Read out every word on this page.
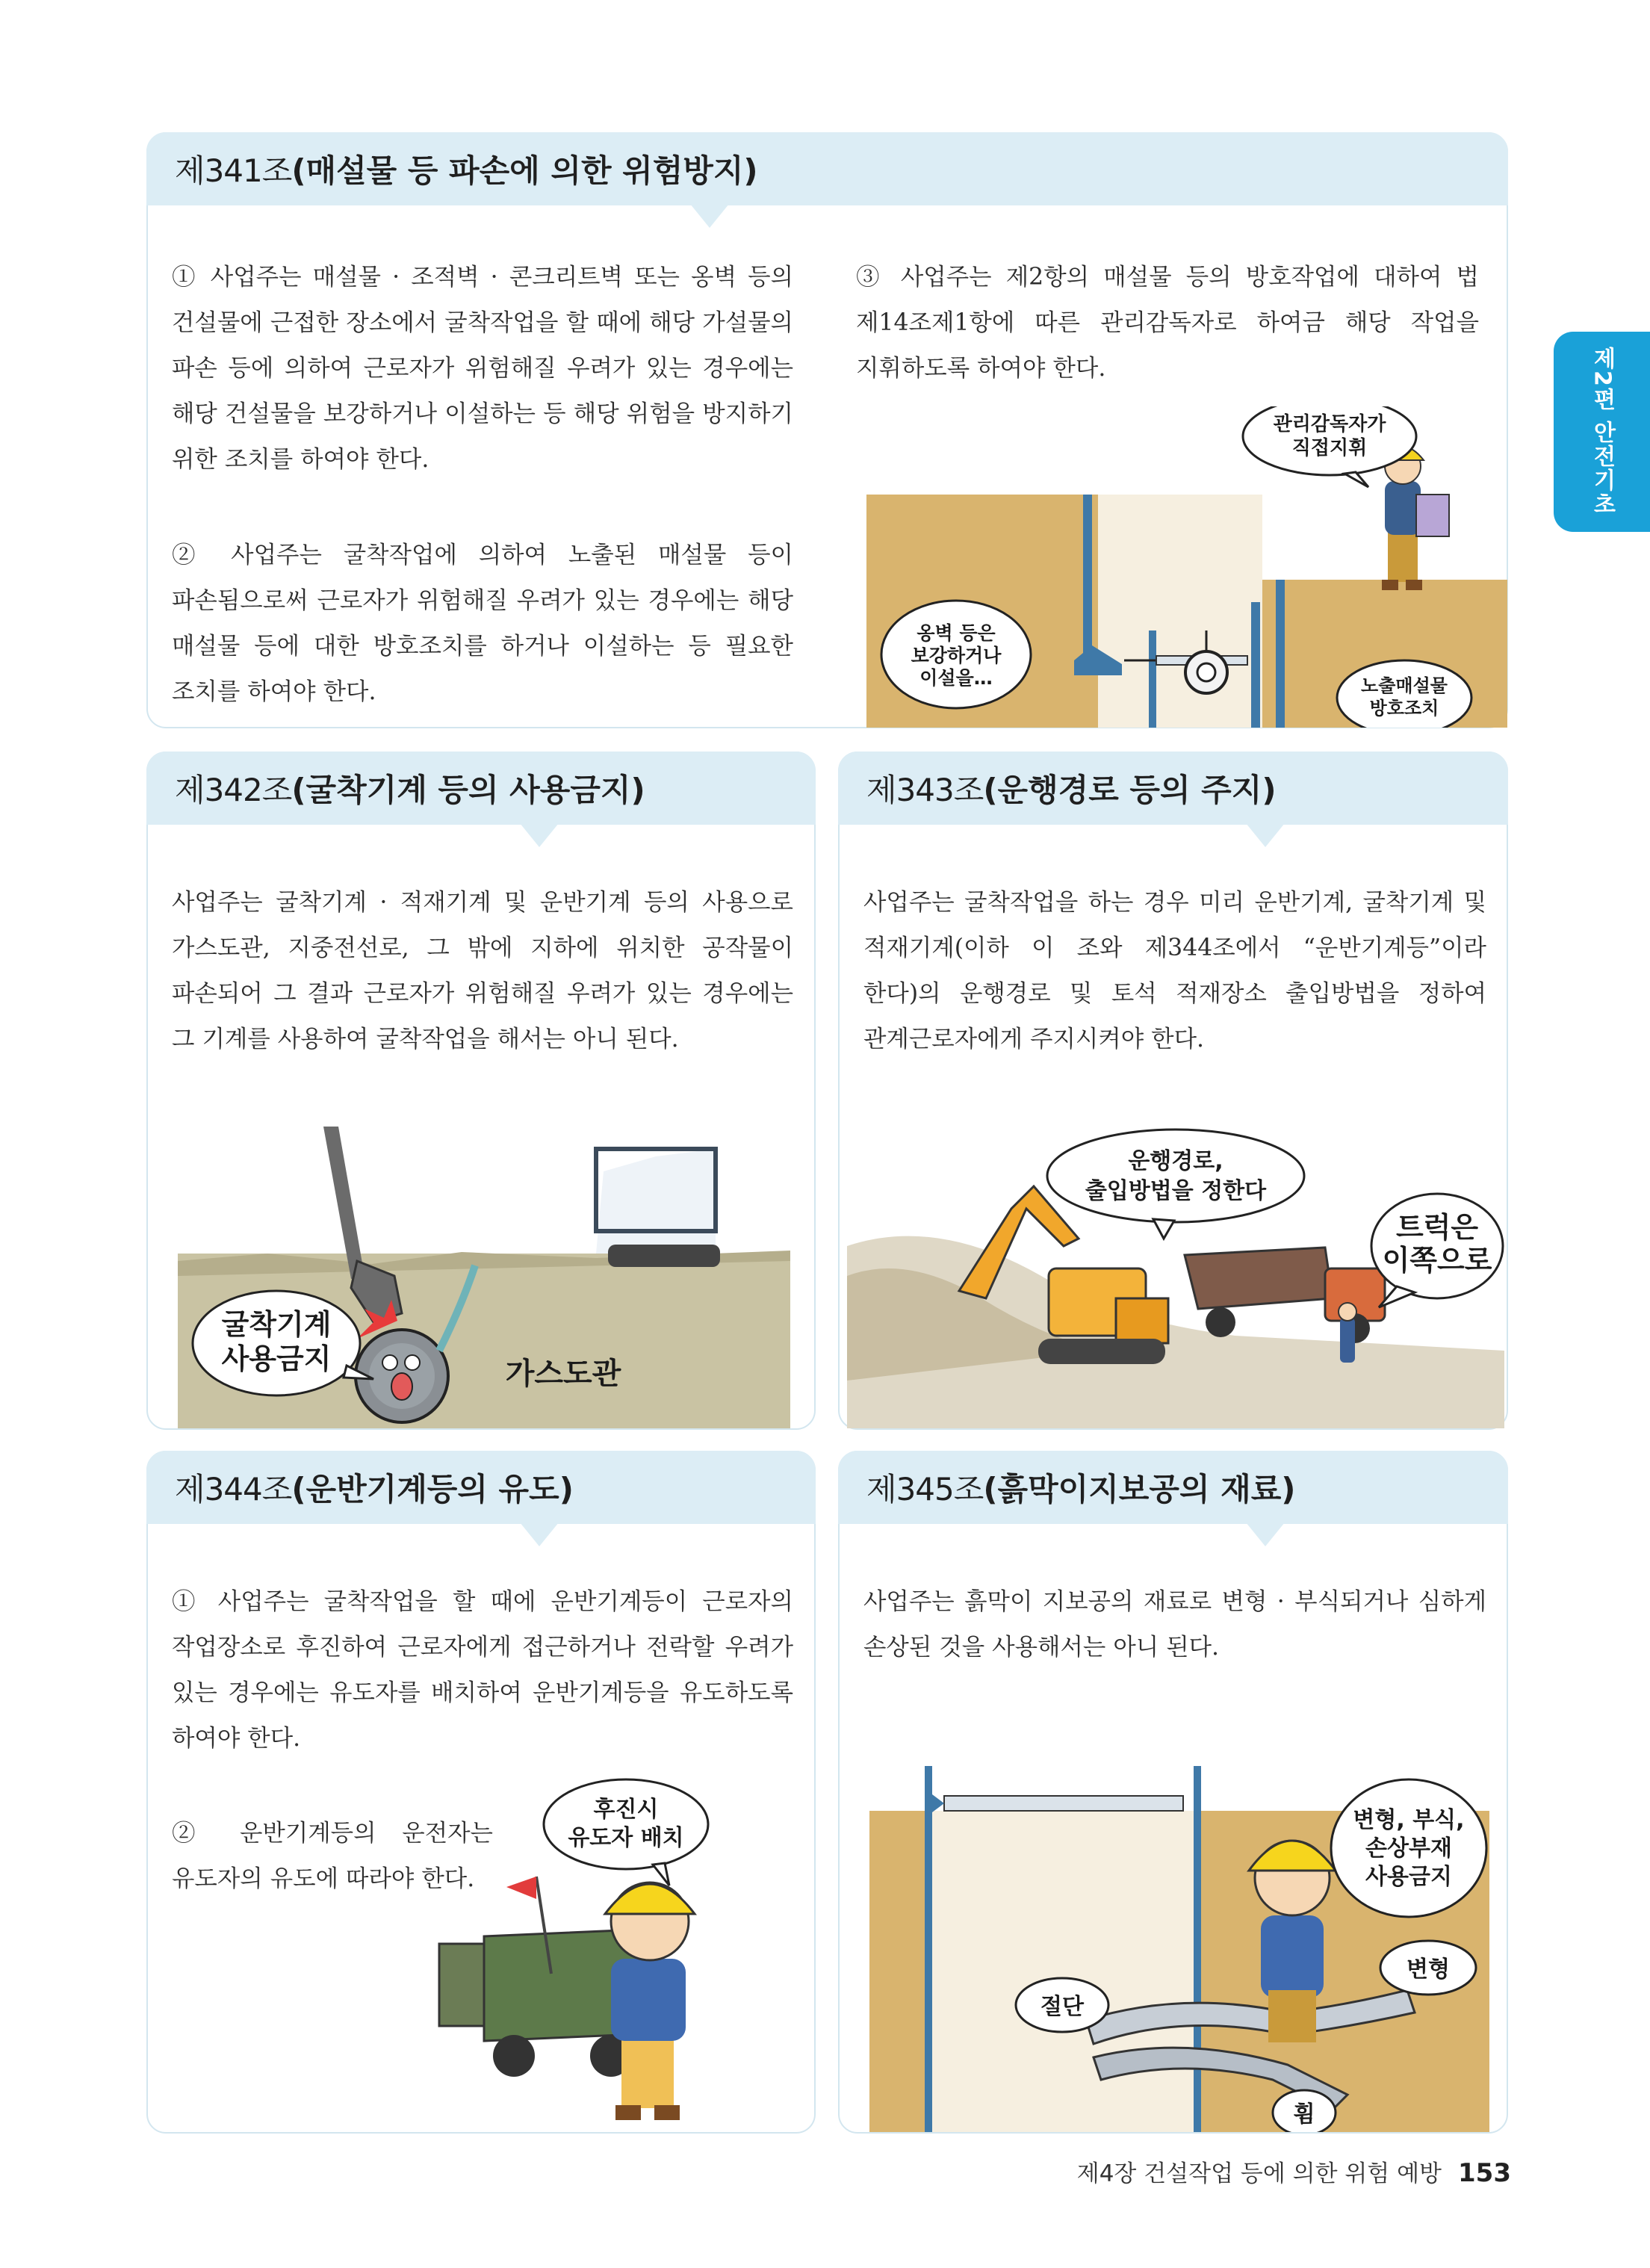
제2편 안전기초
제341조(매설물 등 파손에 의한 위험방지)

① 사업주는 매설물 · 조적벽 · 콘크리트벽 또는 옹벽 등의 건설물에 근접한 장소에서 굴착작업을 할 때에 해당 가설물의 파손 등에 의하여 근로자가 위험해질 우려가 있는 경우에는 해당 건설물을 보강하거나 이설하는 등 해당 위험을 방지하기 위한 조치를 하여야 한다.

② 사업주는 굴착작업에 의하여 노출된 매설물 등이 파손됨으로써 근로자가 위험해질 우려가 있는 경우에는 해당 매설물 등에 대한 방호조치를 하거나 이설하는 등 필요한 조치를 하여야 한다.

③ 사업주는 제2항의 매설물 등의 방호작업에 대하여 법 제14조제1항에 따른 관리감독자로 하여금 해당 작업을 지휘하도록 하여야 한다.

관리감독자가
직접지휘
옹벽 등은
보강하거나
이설을…	노출매설물
방호조치
제342조(굴착기계 등의 사용금지)

사업주는 굴착기계 · 적재기계 및 운반기계 등의 사용으로 가스도관, 지중전선로, 그 밖에 지하에 위치한 공작물이 파손되어 그 결과 근로자가 위험해질 우려가 있는 경우에는 그 기계를 사용하여 굴착작업을 해서는 아니 된다.

굴착기계
사용금지	가스도관
제343조(운행경로 등의 주지)

사업주는 굴착작업을 하는 경우 미리 운반기계, 굴착기계 및 적재기계(이하 이 조와 제344조에서 “운반기계등”이라 한다)의 운행경로 및 토석 적재장소 출입방법을 정하여 관계근로자에게 주지시켜야 한다.

운행경로,
출입방법을 정한다
트럭은
이쪽으로
제344조(운반기계등의 유도)

① 사업주는 굴착작업을 할 때에 운반기계등이 근로자의 작업장소로 후진하여 근로자에게 접근하거나 전락할 우려가 있는 경우에는 유도자를 배치하여 운반기계등을 유도하도록 하여야 한다.

② 운반기계등의 운전자는 유도자의 유도에 따라야 한다.

후진시
유도자 배치
제345조(흙막이지보공의 재료)

사업주는 흙막이 지보공의 재료로 변형 · 부식되거나 심하게 손상된 것을 사용해서는 아니 된다.

변형, 부식,
손상부재
사용금지
변형
절단
휨
제4장 건설작업 등에 의한 위험 예방 153
